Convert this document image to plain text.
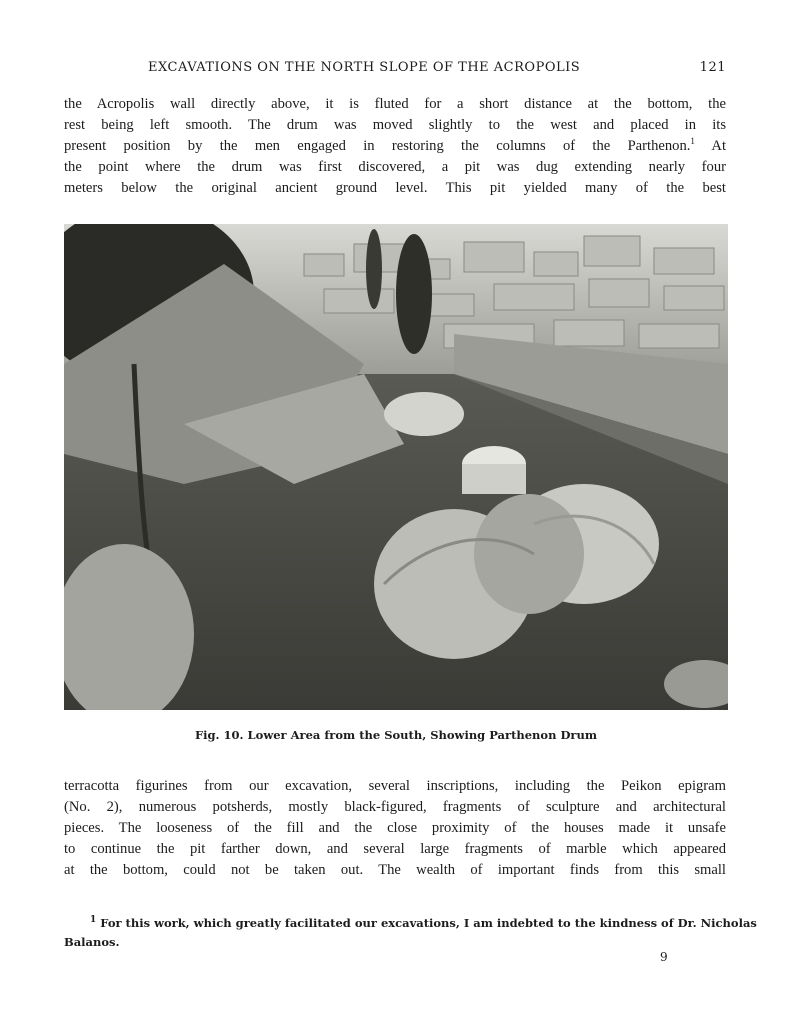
EXCAVATIONS ON THE NORTH SLOPE OF THE ACROPOLIS	121
the Acropolis wall directly above, it is fluted for a short distance at the bottom, the
rest being left smooth. The drum was moved slightly to the west and placed in its
present position by the men engaged in restoring the columns of the Parthenon.$^1$ At
the point where the drum was first discovered, a pit was dug extending nearly four
meters below the original ancient ground level. This pit yielded many of the best
Fig. 10. Lower Area from the South, Showing Parthenon Drum
terracotta figurines from our excavation, several inscriptions, including the Peikon epigram
(No. 2), numerous potsherds, mostly black-figured, fragments of sculpture and architectural
pieces. The looseness of the fill and the close proximity of the houses made it unsafe
to continue the pit farther down, and several large fragments of marble which appeared
at the bottom, could not be taken out. The wealth of important finds from this small
$^1$ For this work, which greatly facilitated our excavations, I am indebted to the kindness of Dr. Nicholas
Balanos.
9
